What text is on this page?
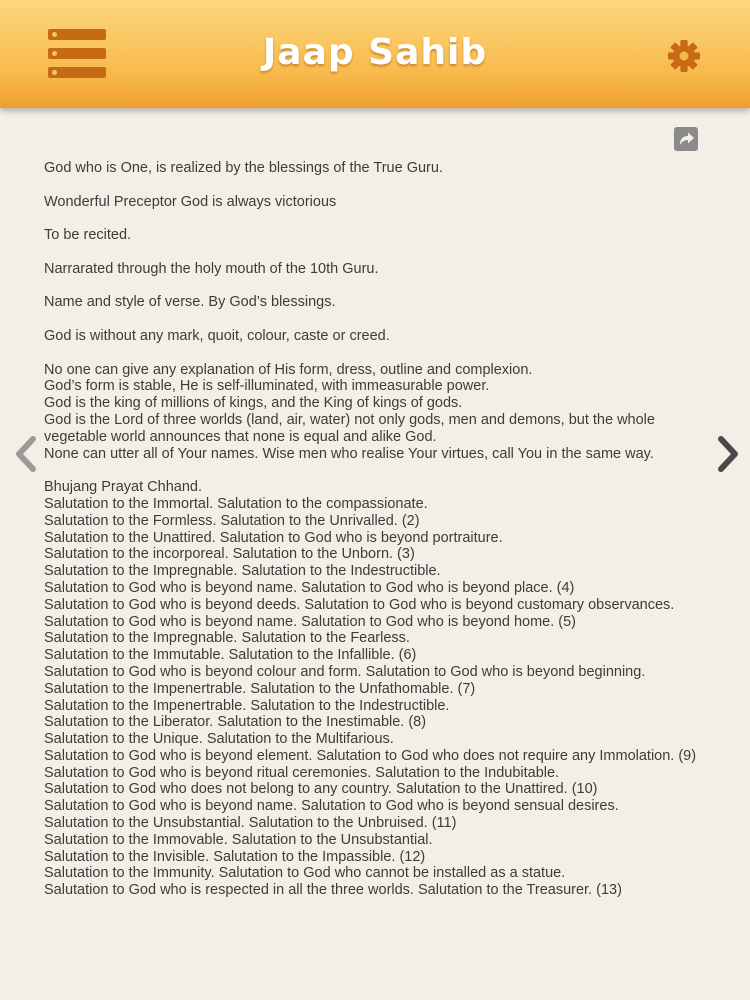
Jaap Sahib
God who is One, is realized by the blessings of the True Guru.
Wonderful Preceptor God is always victorious
To be recited.
Narrarated through the holy mouth of the 10th Guru.
Name and style of verse. By God’s blessings.
God is without any mark, quoit, colour, caste or creed.
No one can give any explanation of His form, dress, outline and complexion.
God’s form is stable, He is self-illuminated, with immeasurable power.
God is the king of millions of kings, and the King of kings of gods.
God is the Lord of three worlds (land, air, water) not only gods, men and demons, but the whole
vegetable world announces that none is equal and alike God.
None can utter all of Your names. Wise men who realise Your virtues, call You in the same way.
Bhujang Prayat Chhand.
Salutation to the Immortal. Salutation to the compassionate.
Salutation to the Formless. Salutation to the Unrivalled. (2)
Salutation to the Unattired. Salutation to God who is beyond portraiture.
Salutation to the incorporeal. Salutation to the Unborn. (3)
Salutation to the Impregnable. Salutation to the Indestructible.
Salutation to God who is beyond name. Salutation to God who is beyond place. (4)
Salutation to God who is beyond deeds. Salutation to God who is beyond customary observances.
Salutation to God who is beyond name. Salutation to God who is beyond home. (5)
Salutation to the Impregnable. Salutation to the Fearless.
Salutation to the Immutable. Salutation to the Infallible. (6)
Salutation to God who is beyond colour and form. Salutation to God who is beyond beginning.
Salutation to the Impenertrable. Salutation to the Unfathomable. (7)
Salutation to the Impenertrable. Salutation to the Indestructible.
Salutation to the Liberator. Salutation to the Inestimable. (8)
Salutation to the Unique. Salutation to the Multifarious.
Salutation to God who is beyond element. Salutation to God who does not require any Immolation. (9)
Salutation to God who is beyond ritual ceremonies. Salutation to the Indubitable.
Salutation to God who does not belong to any country. Salutation to the Unattired. (10)
Salutation to God who is beyond name. Salutation to God who is beyond sensual desires.
Salutation to the Unsubstantial. Salutation to the Unbruised. (11)
Salutation to the Immovable. Salutation to the Unsubstantial.
Salutation to the Invisible. Salutation to the Impassible. (12)
Salutation to the Immunity. Salutation to God who cannot be installed as a statue.
Salutation to God who is respected in all the three worlds. Salutation to the Treasurer. (13)
